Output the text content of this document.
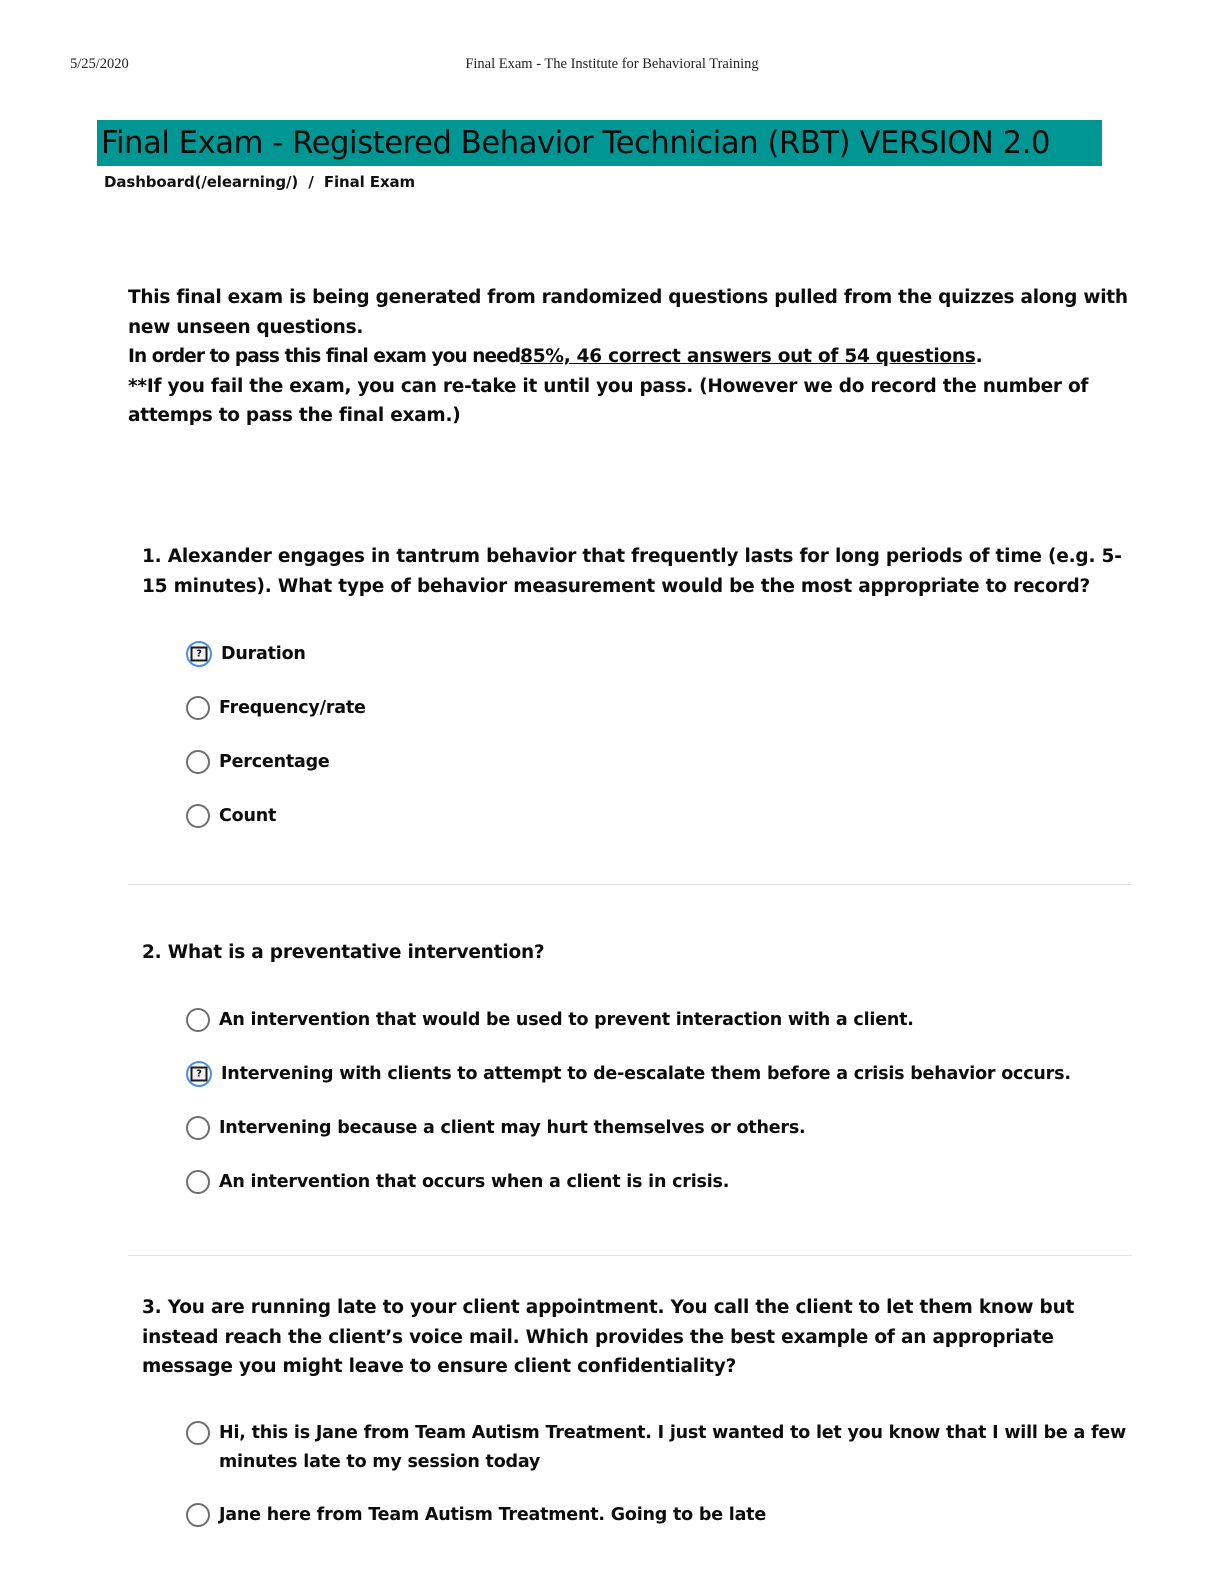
5/25/2020	Final Exam - The Institute for Behavioral Training
Final Exam - Registered Behavior Technician (RBT) VERSION 2.0
Dashboard(/elearning/) / Final Exam

This final exam is being generated from randomized questions pulled from the quizzes along with new unseen questions.

In order to pass this final exam you need85%, 46 correct answers out of 54 questions.

**If you fail the exam, you can re-take it until you pass. (However we do record the number of attemps to pass the final exam.)

1. Alexander engages in tantrum behavior that frequently lasts for long periods of time (e.g. 5-15 minutes). What type of behavior measurement would be the most appropriate to record?
?
Duration
Frequency/rate
Percentage
Count
2. What is a preventative intervention?
An intervention that would be used to prevent interaction with a client.
?
Intervening with clients to attempt to de-escalate them before a crisis behavior occurs.
Intervening because a client may hurt themselves or others.
An intervention that occurs when a client is in crisis.
3. You are running late to your client appointment. You call the client to let them know but instead reach the client’s voice mail. Which provides the best example of an appropriate message you might leave to ensure client confidentiality?
Hi, this is Jane from Team Autism Treatment. I just wanted to let you know that I will be a few minutes late to my session today
Jane here from Team Autism Treatment. Going to be late
